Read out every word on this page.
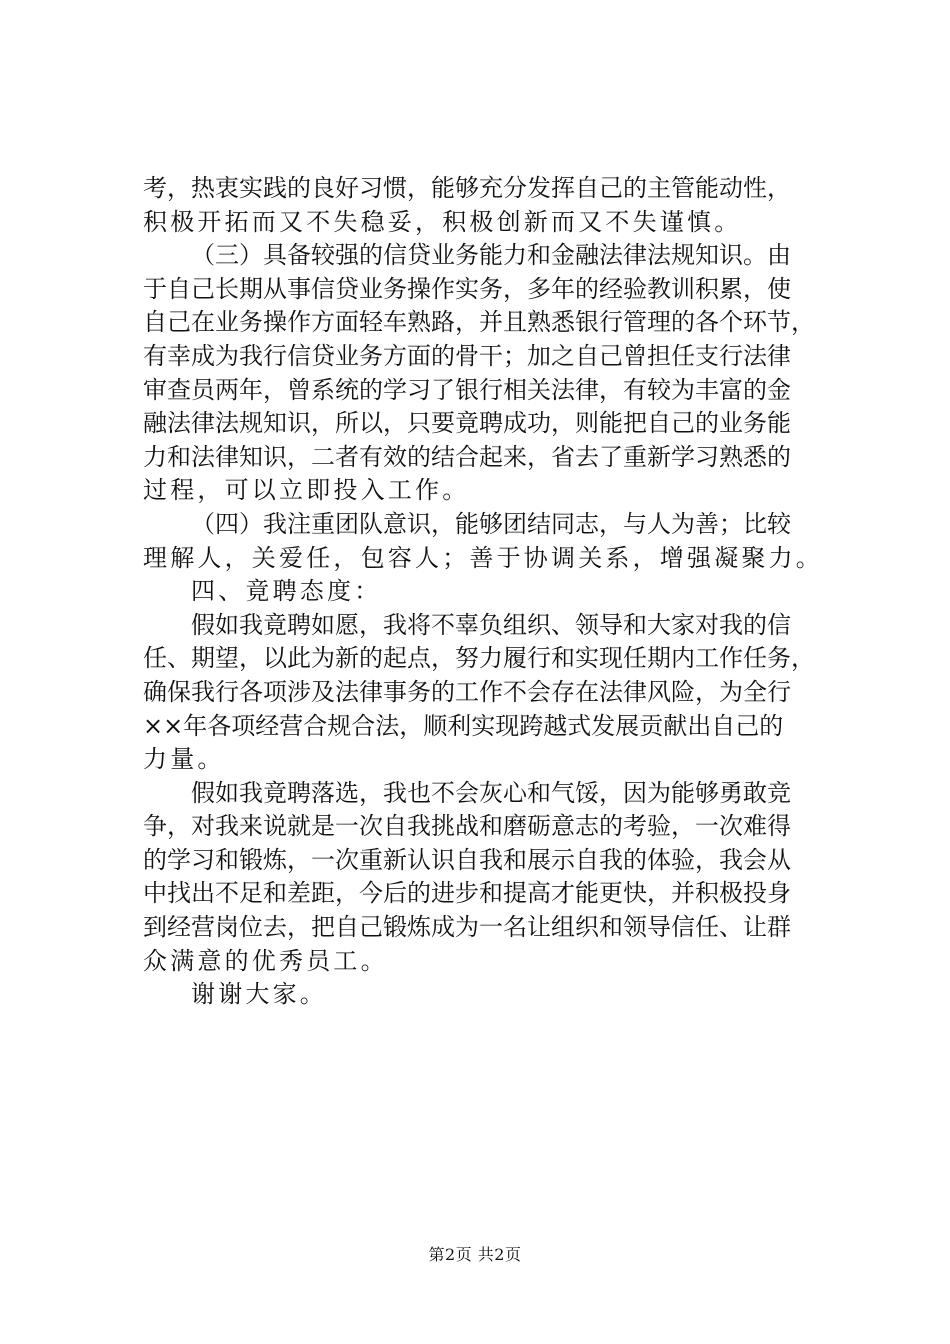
考，热衷实践的良好习惯，能够充分发挥自己的主管能动性，
积极开拓而又不失稳妥，积极创新而又不失谨慎。
（三）具备较强的信贷业务能力和金融法律法规知识。由
于自己长期从事信贷业务操作实务，多年的经验教训积累，使
自己在业务操作方面轻车熟路，并且熟悉银行管理的各个环节，
有幸成为我行信贷业务方面的骨干；加之自己曾担任支行法律
审查员两年，曾系统的学习了银行相关法律，有较为丰富的金
融法律法规知识，所以，只要竟聘成功，则能把自己的业务能
力和法律知识，二者有效的结合起来，省去了重新学习熟悉的
过程，可以立即投入工作。
（四）我注重团队意识，能够团结同志，与人为善；比较
理解人，关爱任，包容人；善于协调关系，增强凝聚力。
四、竟聘态度：
假如我竟聘如愿，我将不辜负组织、领导和大家对我的信
任、期望，以此为新的起点，努力履行和实现任期内工作任务，
确保我行各项涉及法律事务的工作不会存在法律风险，为全行
××年各项经营合规合法，顺利实现跨越式发展贡献出自己的
力量。
假如我竟聘落选，我也不会灰心和气馁，因为能够勇敢竞
争，对我来说就是一次自我挑战和磨砺意志的考验，一次难得
的学习和锻炼，一次重新认识自我和展示自我的体验，我会从
中找出不足和差距，今后的进步和提高才能更快，并积极投身
到经营岗位去，把自己锻炼成为一名让组织和领导信任、让群
众满意的优秀员工。
谢谢大家。
第2页 共2页
